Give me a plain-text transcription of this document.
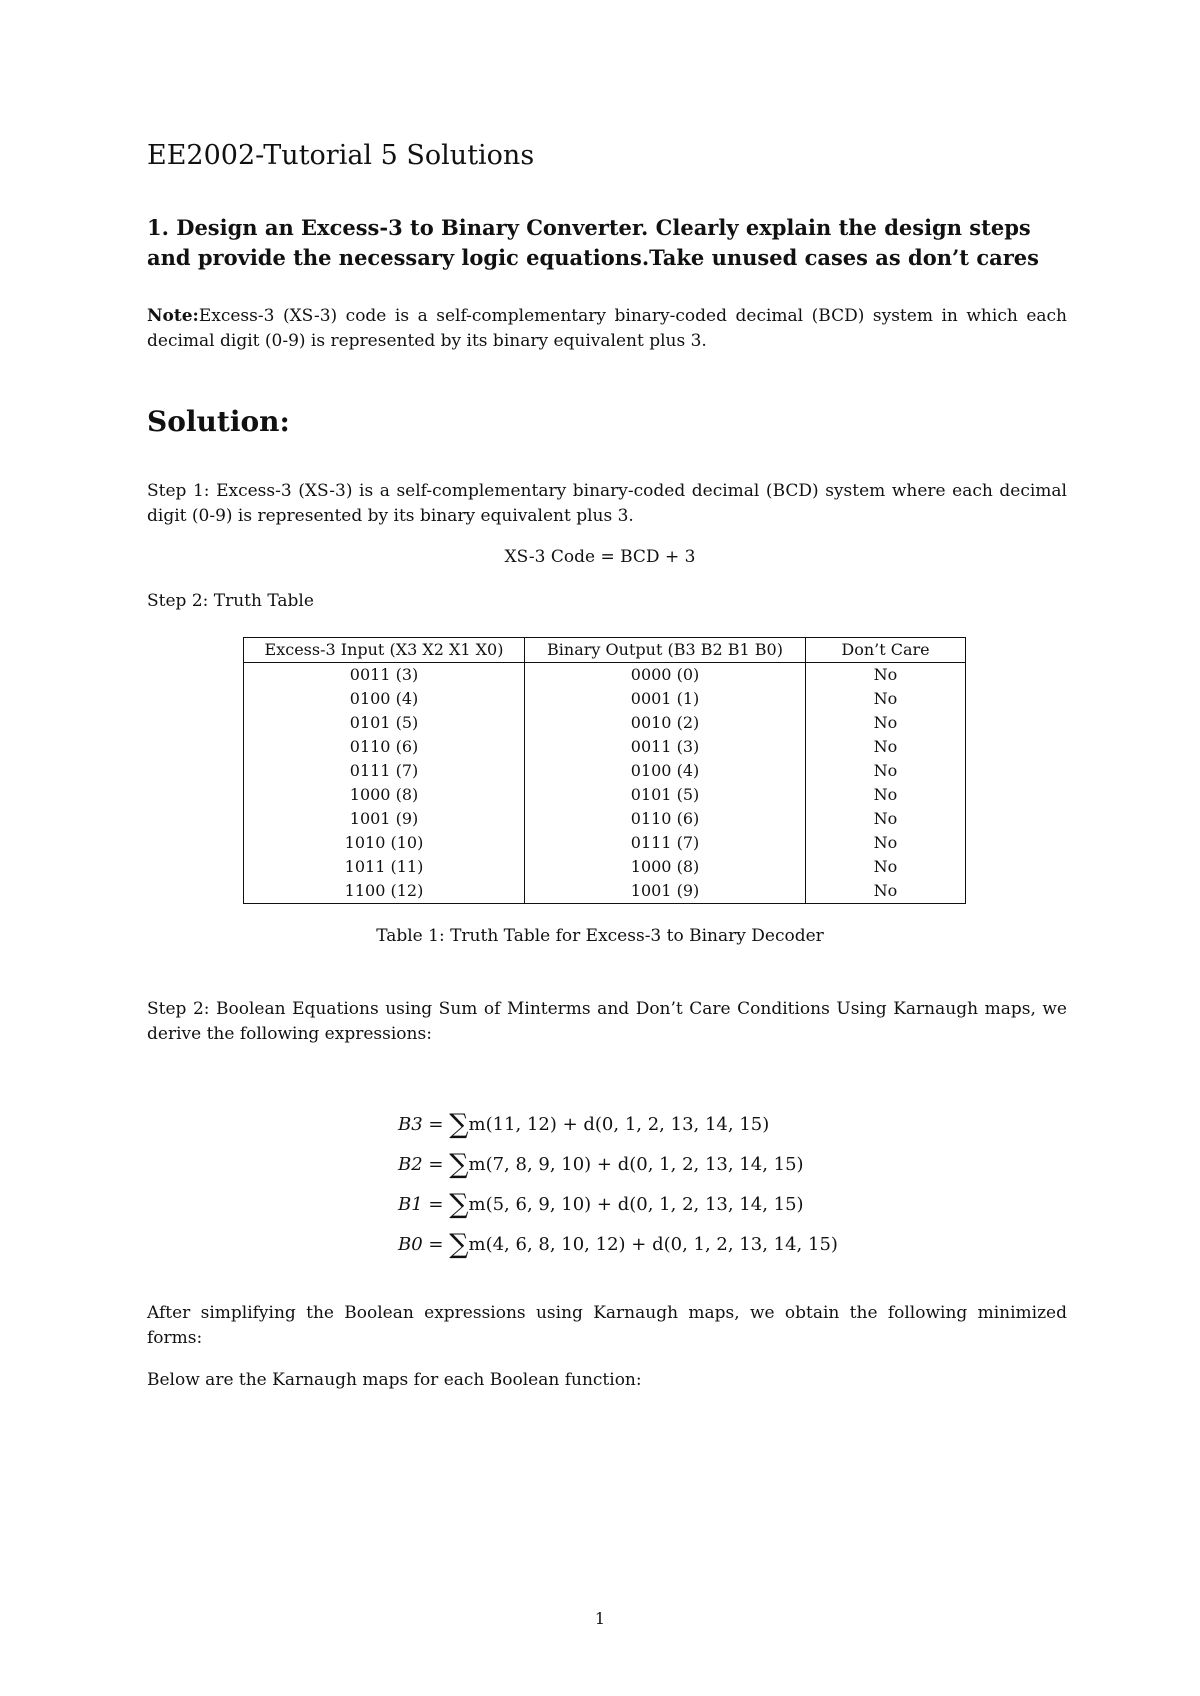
EE2002-Tutorial 5 Solutions
1. Design an Excess-3 to Binary Converter. Clearly explain the design steps and provide the necessary logic equations.Take unused cases as don’t cares
Note:Excess-3 (XS-3) code is a self-complementary binary-coded decimal (BCD) system in which each decimal digit (0-9) is represented by its binary equivalent plus 3.
Solution:
Step 1: Excess-3 (XS-3) is a self-complementary binary-coded decimal (BCD) system where each decimal digit (0-9) is represented by its binary equivalent plus 3.
XS-3 Code = BCD + 3
Step 2: Truth Table
Excess-3 Input (X3 X2 X1 X0)	Binary Output (B3 B2 B1 B0)	Don’t Care
0011 (3)	0000 (0)	No
0100 (4)	0001 (1)	No
0101 (5)	0010 (2)	No
0110 (6)	0011 (3)	No
0111 (7)	0100 (4)	No
1000 (8)	0101 (5)	No
1001 (9)	0110 (6)	No
1010 (10)	0111 (7)	No
1011 (11)	1000 (8)	No
1100 (12)	1001 (9)	No
Table 1: Truth Table for Excess-3 to Binary Decoder
Step 2: Boolean Equations using Sum of Minterms and Don’t Care Conditions Using Karnaugh maps, we derive the following expressions:
B3 = ∑m(11, 12) + d(0, 1, 2, 13, 14, 15)
B2 = ∑m(7, 8, 9, 10) + d(0, 1, 2, 13, 14, 15)
B1 = ∑m(5, 6, 9, 10) + d(0, 1, 2, 13, 14, 15)
B0 = ∑m(4, 6, 8, 10, 12) + d(0, 1, 2, 13, 14, 15)
After simplifying the Boolean expressions using Karnaugh maps, we obtain the following minimized forms:
Below are the Karnaugh maps for each Boolean function:
1
